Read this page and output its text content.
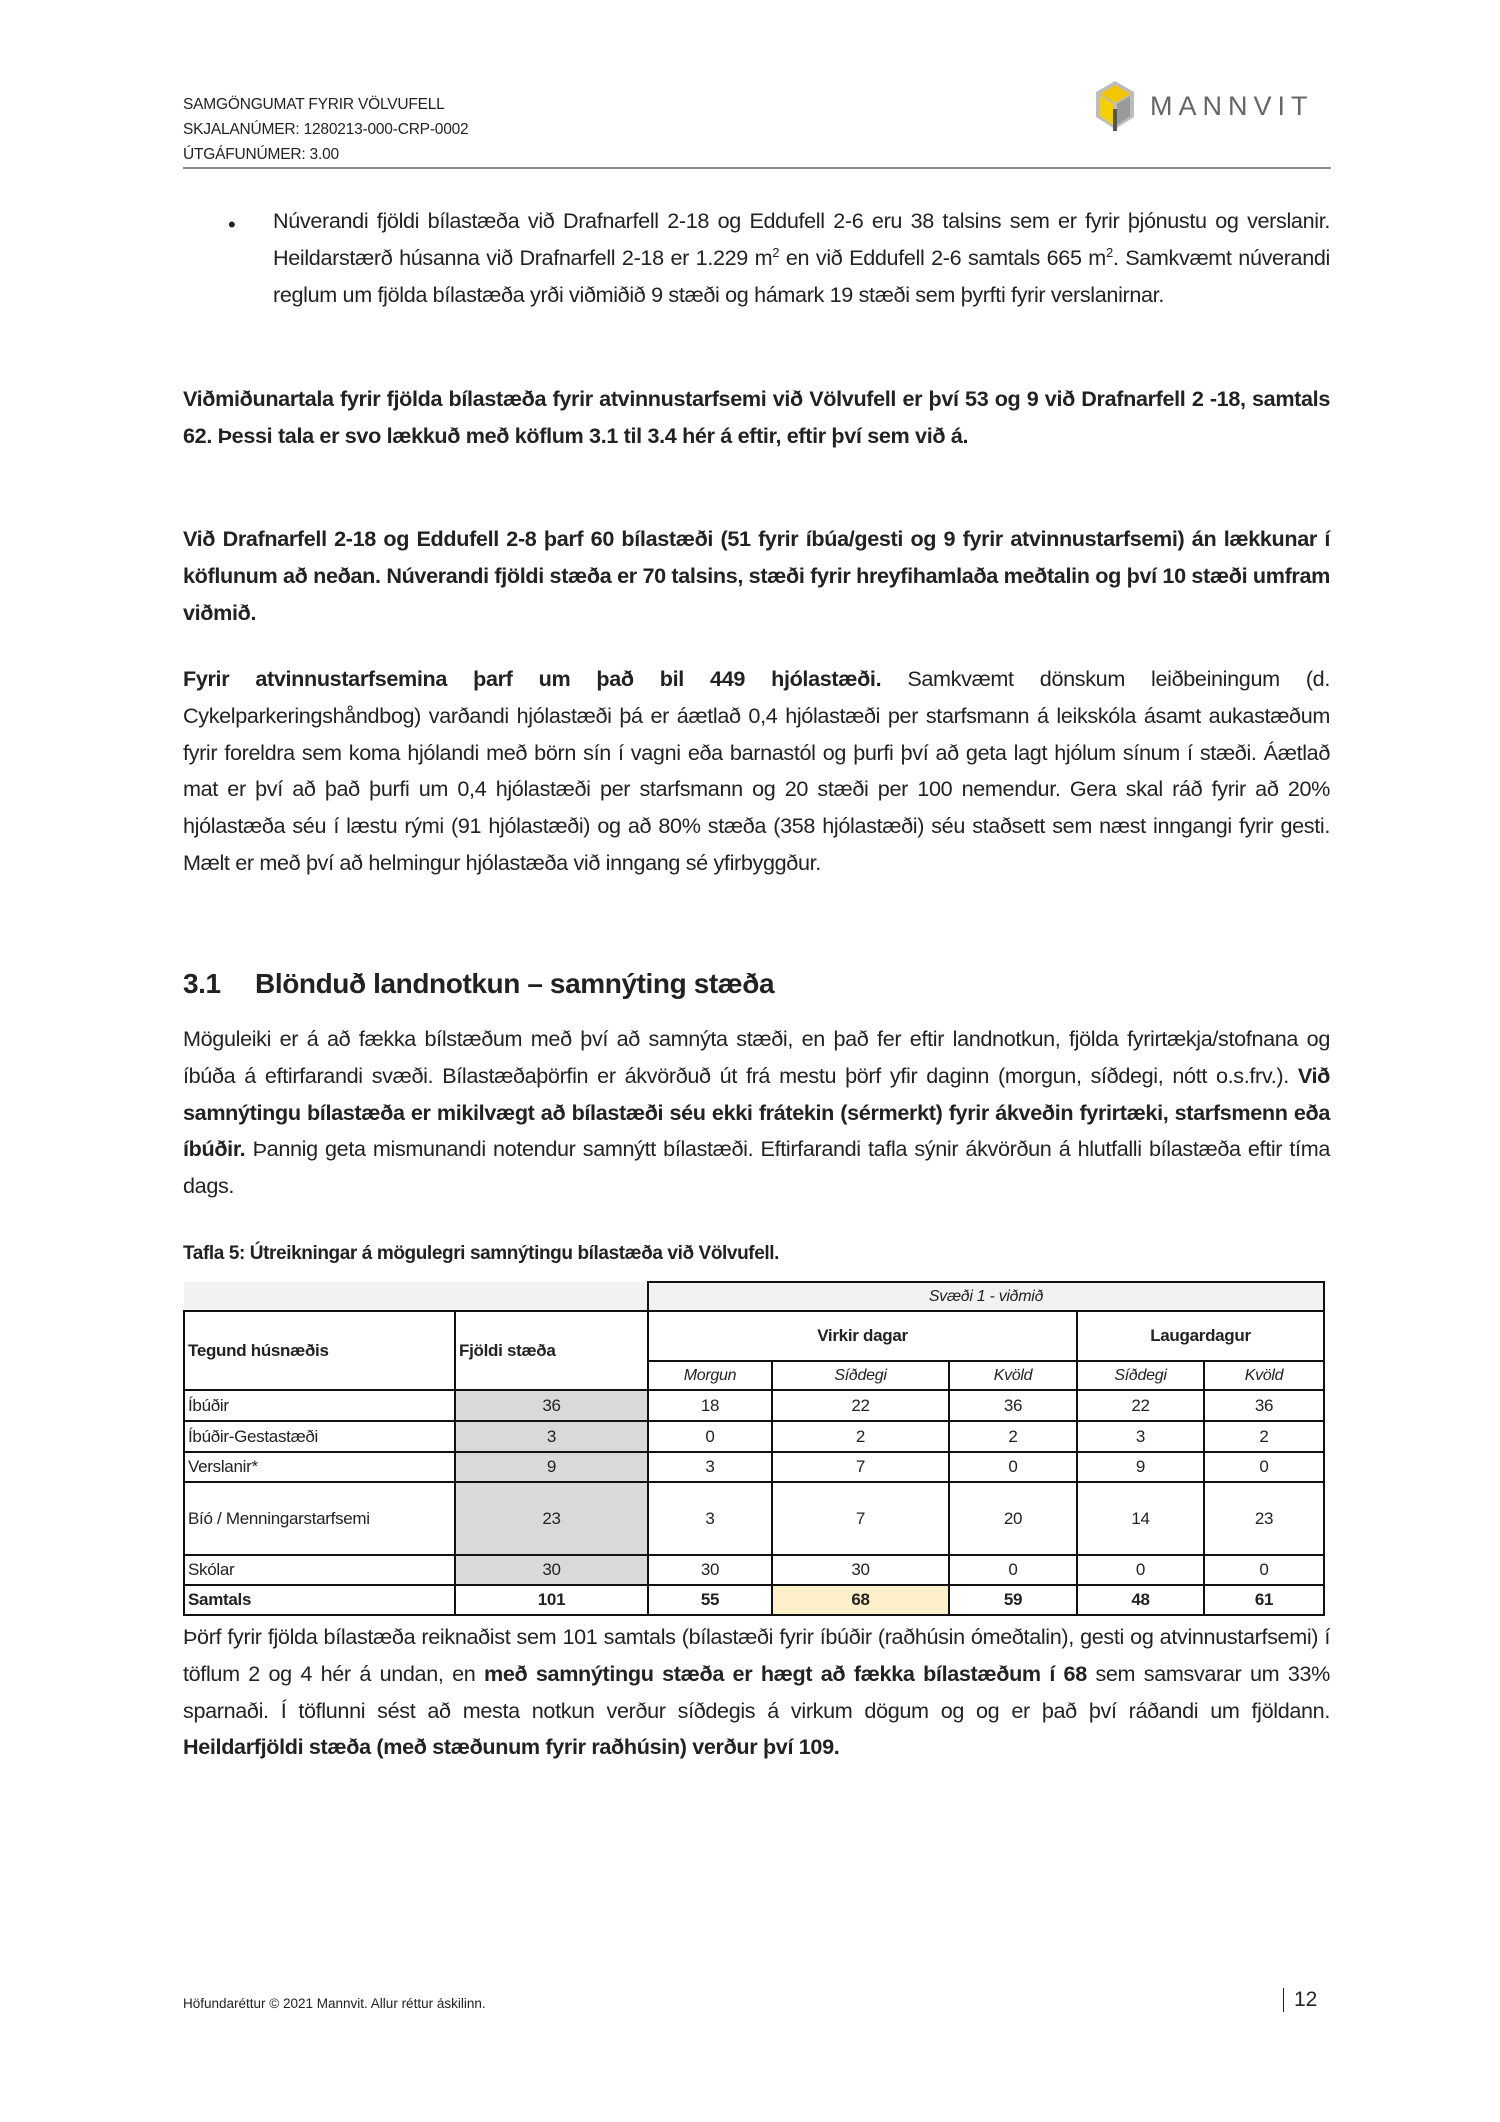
SAMGÖNGUMAT FYRIR VÖLVUFELL
SKJALANÚMER: 1280213-000-CRP-0002
ÚTGÁFUNÚMER: 3.00
MANNVIT
• Núverandi fjöldi bílastæða við Drafnarfell 2-18 og Eddufell 2-6 eru 38 talsins sem er fyrir þjónustu og verslanir. Heildarstærð húsanna við Drafnarfell 2-18 er 1.229 $m^2$ en við Eddufell 2-6 samtals 665 $m^2$. Samkvæmt núverandi reglum um fjölda bílastæða yrði viðmiðið 9 stæði og hámark 19 stæði sem þyrfti fyrir verslanirnar.
Viðmiðunartala fyrir fjölda bílastæða fyrir atvinnustarfsemi við Völvufell er því 53 og 9 við Drafnarfell 2 -18, samtals 62. Þessi tala er svo lækkuð með köflum 3.1 til 3.4 hér á eftir, eftir því sem við á.
Við Drafnarfell 2-18 og Eddufell 2-8 þarf 60 bílastæði (51 fyrir íbúa/gesti og 9 fyrir atvinnustarfsemi) án lækkunar í köflunum að neðan. Núverandi fjöldi stæða er 70 talsins, stæði fyrir hreyfihamlaða meðtalin og því 10 stæði umfram viðmið.
Fyrir atvinnustarfsemina þarf um það bil 449 hjólastæði. Samkvæmt dönskum leiðbeiningum (d. Cykelparkeringshåndbog) varðandi hjólastæði þá er áætlað 0,4 hjólastæði per starfsmann á leikskóla ásamt aukastæðum fyrir foreldra sem koma hjólandi með börn sín í vagni eða barnastól og þurfi því að geta lagt hjólum sínum í stæði. Áætlað mat er því að það þurfi um 0,4 hjólastæði per starfsmann og 20 stæði per 100 nemendur. Gera skal ráð fyrir að 20% hjólastæða séu í læstu rými (91 hjólastæði) og að 80% stæða (358 hjólastæði) séu staðsett sem næst inngangi fyrir gesti. Mælt er með því að helmingur hjólastæða við inngang sé yfirbyggður.
3.1 Blönduð landnotkun – samnýting stæða
Möguleiki er á að fækka bílstæðum með því að samnýta stæði, en það fer eftir landnotkun, fjölda fyrirtækja/stofnana og íbúða á eftirfarandi svæði. Bílastæðaþörfin er ákvörðuð út frá mestu þörf yfir daginn (morgun, síðdegi, nótt o.s.frv.). Við samnýtingu bílastæða er mikilvægt að bílastæði séu ekki frátekin (sérmerkt) fyrir ákveðin fyrirtæki, starfsmenn eða íbúðir. Þannig geta mismunandi notendur samnýtt bílastæði. Eftirfarandi tafla sýnir ákvörðun á hlutfalli bílastæða eftir tíma dags.
Tafla 5: Útreikningar á mögulegri samnýtingu bílastæða við Völvufell.
		Svæði 1 - viðmið				
Tegund húsnæðis	Fjöldi stæða	Virkir dagar			Laugardagur	
		Morgun	Síðdegi	Kvöld	Síðdegi	Kvöld
Íbúðir	36	18	22	36	22	36
Íbúðir-Gestastæði	3	0	2	2	3	2
Verslanir*	9	3	7	0	9	0
Bíó / Menningarstarfsemi	23	3	7	20	14	23
Skólar	30	30	30	0	0	0
Samtals	101	55	68	59	48	61
Þörf fyrir fjölda bílastæða reiknaðist sem 101 samtals (bílastæði fyrir íbúðir (raðhúsin ómeðtalin), gesti og atvinnustarfsemi) í töflum 2 og 4 hér á undan, en með samnýtingu stæða er hægt að fækka bílastæðum í 68 sem samsvarar um 33% sparnaði. Í töflunni sést að mesta notkun verður síðdegis á virkum dögum og og er það því ráðandi um fjöldann. Heildarfjöldi stæða (með stæðunum fyrir raðhúsin) verður því 109.
Höfundaréttur © 2021 Mannvit. Allur réttur áskilinn.	12
